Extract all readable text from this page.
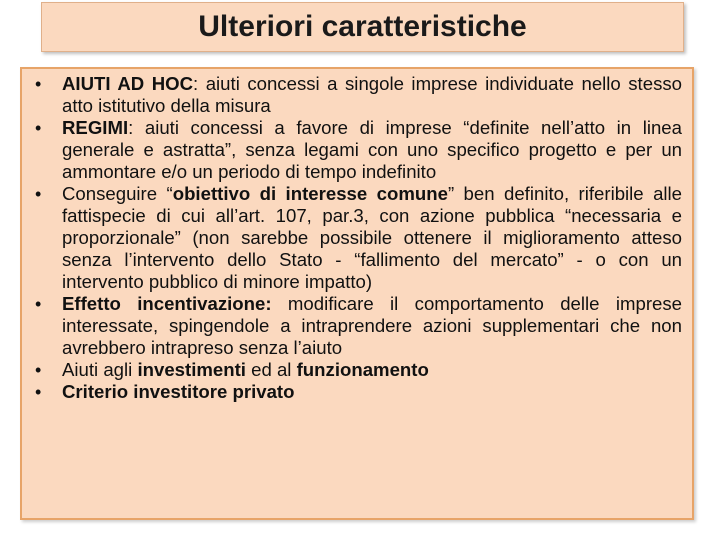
Ulteriori caratteristiche
• AIUTI AD HOC: aiuti concessi a singole imprese individuate nello stesso atto istitutivo della misura
• REGIMI: aiuti concessi a favore di imprese “definite nell’atto in linea generale e astratta”, senza legami con uno specifico progetto e per un ammontare e/o un periodo di tempo indefinito
• Conseguire “obiettivo di interesse comune” ben definito, riferibile alle fattispecie di cui all’art. 107, par.3, con azione pubblica “necessaria e proporzionale” (non sarebbe possibile ottenere il miglioramento atteso senza l’intervento dello Stato - “fallimento del mercato” - o con un intervento pubblico di minore impatto)
• Effetto incentivazione: modificare il comportamento delle imprese interessate, spingendole a intraprendere azioni supplementari che non avrebbero intrapreso senza l’aiuto
• Aiuti agli investimenti ed al funzionamento
• Criterio investitore privato
